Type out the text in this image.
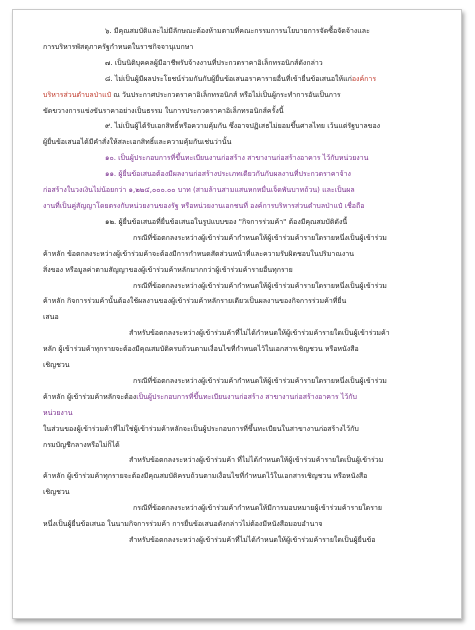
๖. มีคุณสมบัติและไม่มีลักษณะต้องห้ามตามที่คณะกรรมการนโยบายการจัดซื้อจัดจ้างและ
การบริหารพัสดุภาครัฐกำหนดในราชกิจจานุเบกษา
๗. เป็นนิติบุคคลผู้มีอาชีพรับจ้างงานที่ประกวดราคาอิเล็กทรอนิกส์ดังกล่าว
๘. ไม่เป็นผู้มีผลประโยชน์ร่วมกันกับผู้ยื่นข้อเสนอราคารายอื่นที่เข้ายื่นข้อเสนอให้แก่องค์การ
บริหารส่วนตำบลป่าแป๋ ณ วันประกาศประกวดราคาอิเล็กทรอนิกส์ หรือไม่เป็นผู้กระทำการอันเป็นการ
ขัดขวางการแข่งขันราคาอย่างเป็นธรรม ในการประกวดราคาอิเล็กทรอนิกส์ครั้งนี้
๙. ไม่เป็นผู้ได้รับเอกสิทธิ์หรือความคุ้มกัน ซึ่งอาจปฏิเสธไม่ยอมขึ้นศาลไทย เว้นแต่รัฐบาลของ
ผู้ยื่นข้อเสนอได้มีคำสั่งให้สละเอกสิทธิ์และความคุ้มกันเช่นว่านั้น
๑๐. เป็นผู้ประกอบการที่ขึ้นทะเบียนงานก่อสร้าง สาขางานก่อสร้างอาคาร ไว้กับหน่วยงาน
๑๑. ผู้ยื่นข้อเสนอต้องมีผลงานก่อสร้างประเภทเดียวกันกับผลงานที่ประกวดราคาจ้าง
ก่อสร้างในวงเงินไม่น้อยกว่า ๑,๒๒๔,๐๐๐.๐๐ บาท (สามล้านสามแสนหกหมื่นเจ็ดพันบาทถ้วน) และเป็นผล
งานที่เป็นคู่สัญญาโดยตรงกับหน่วยงานของรัฐ หรือหน่วยงานเอกชนที่ องค์การบริหารส่วนตำบลป่าแป๋ เชื่อถือ
๑๒. ผู้ยื่นข้อเสนอที่ยื่นข้อเสนอในรูปแบบของ "กิจการร่วมค้า" ต้องมีคุณสมบัติดังนี้
กรณีที่ข้อตกลงระหว่างผู้เข้าร่วมค้ากำหนดให้ผู้เข้าร่วมค้ารายใดรายหนึ่งเป็นผู้เข้าร่วม
ค้าหลัก ข้อตกลงระหว่างผู้เข้าร่วมค้าจะต้องมีการกำหนดสัดส่วนหน้าที่และความรับผิดชอบในปริมาณงาน
สิ่งของ หรือมูลค่าตามสัญญาของผู้เข้าร่วมค้าหลักมากกว่าผู้เข้าร่วมค้ารายอื่นทุกราย
กรณีที่ข้อตกลงระหว่างผู้เข้าร่วมค้ากำหนดให้ผู้เข้าร่วมค้ารายใดรายหนึ่งเป็นผู้เข้าร่วม
ค้าหลัก กิจการร่วมค้านั้นต้องใช้ผลงานของผู้เข้าร่วมค้าหลักรายเดียวเป็นผลงานของกิจการร่วมค้าที่ยื่น
เสนอ
สำหรับข้อตกลงระหว่างผู้เข้าร่วมค้าที่ไม่ได้กำหนดให้ผู้เข้าร่วมค้ารายใดเป็นผู้เข้าร่วมค้า
หลัก ผู้เข้าร่วมค้าทุกรายจะต้องมีคุณสมบัติครบถ้วนตามเงื่อนไขที่กำหนดไว้ในเอกสารเชิญชวน หรือหนังสือ
เชิญชวน
กรณีที่ข้อตกลงระหว่างผู้เข้าร่วมค้ากำหนดให้ผู้เข้าร่วมค้ารายใดรายหนึ่งเป็นผู้เข้าร่วม
ค้าหลัก ผู้เข้าร่วมค้าหลักจะต้องเป็นผู้ประกอบการที่ขึ้นทะเบียนงานก่อสร้าง สาขางานก่อสร้างอาคาร ไว้กับ
หน่วยงาน
ในส่วนของผู้เข้าร่วมค้าที่ไม่ใช่ผู้เข้าร่วมค้าหลักจะเป็นผู้ประกอบการที่ขึ้นทะเบียนในสาขางานก่อสร้างไว้กับ
กรมบัญชีกลางหรือไม่ก็ได้
สำหรับข้อตกลงระหว่างผู้เข้าร่วมค้า ที่ไม่ได้กำหนดให้ผู้เข้าร่วมค้ารายใดเป็นผู้เข้าร่วม
ค้าหลัก ผู้เข้าร่วมค้าทุกรายจะต้องมีคุณสมบัติครบถ้วนตามเงื่อนไขที่กำหนดไว้ในเอกสารเชิญชวน หรือหนังสือ
เชิญชวน
กรณีที่ข้อตกลงระหว่างผู้เข้าร่วมค้ากำหนดให้มีการมอบหมายผู้เข้าร่วมค้ารายใดราย
หนึ่งเป็นผู้ยื่นข้อเสนอ ในนามกิจการร่วมค้า การยื่นข้อเสนอดังกล่าวไม่ต้องมีหนังสือมอบอำนาจ
สำหรับข้อตกลงระหว่างผู้เข้าร่วมค้าที่ไม่ได้กำหนดให้ผู้เข้าร่วมค้ารายใดเป็นผู้ยื่นข้อ
